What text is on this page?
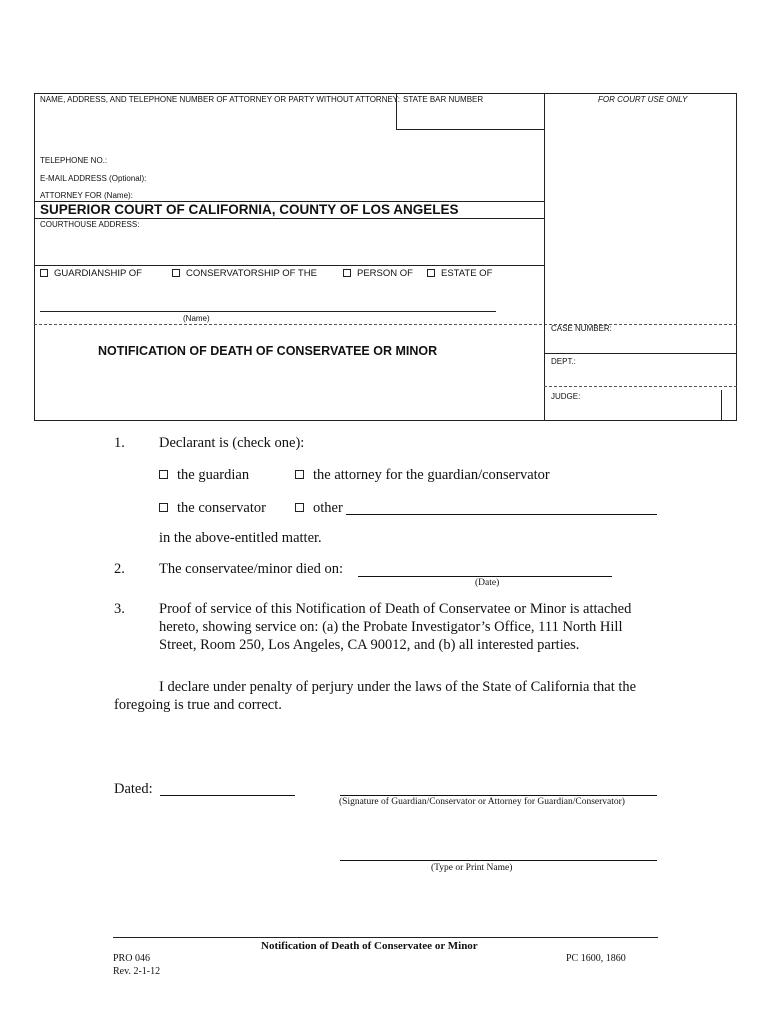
NAME, ADDRESS, AND TELEPHONE NUMBER OF ATTORNEY OR PARTY WITHOUT ATTORNEY: STATE BAR NUMBER	FOR COURT USE ONLY
TELEPHONE NO.:
E-MAIL ADDRESS (Optional):
ATTORNEY FOR (Name):
SUPERIOR COURT OF CALIFORNIA, COUNTY OF LOS ANGELES
COURTHOUSE ADDRESS:
GUARDIANSHIP OF	CONSERVATORSHIP OF THE	PERSON OF	ESTATE OF
(Name)
NOTIFICATION OF DEATH OF CONSERVATEE OR MINOR
CASE NUMBER:
DEPT.:
JUDGE:
1. Declarant is (check one):
the guardian	the attorney for the guardian/conservator
the conservator	other
in the above-entitled matter.
2. The conservatee/minor died on:
(Date)
3. Proof of service of this Notification of Death of Conservatee or Minor is attached
hereto, showing service on: (a) the Probate Investigator’s Office, 111 North Hill
Street, Room 250, Los Angeles, CA 90012, and (b) all interested parties.
I declare under penalty of perjury under the laws of the State of California that the
foregoing is true and correct.
Dated:
(Signature of Guardian/Conservator or Attorney for Guardian/Conservator)
(Type or Print Name)
Notification of Death of Conservatee or Minor
PRO 046
Rev. 2-1-12
PC 1600, 1860
